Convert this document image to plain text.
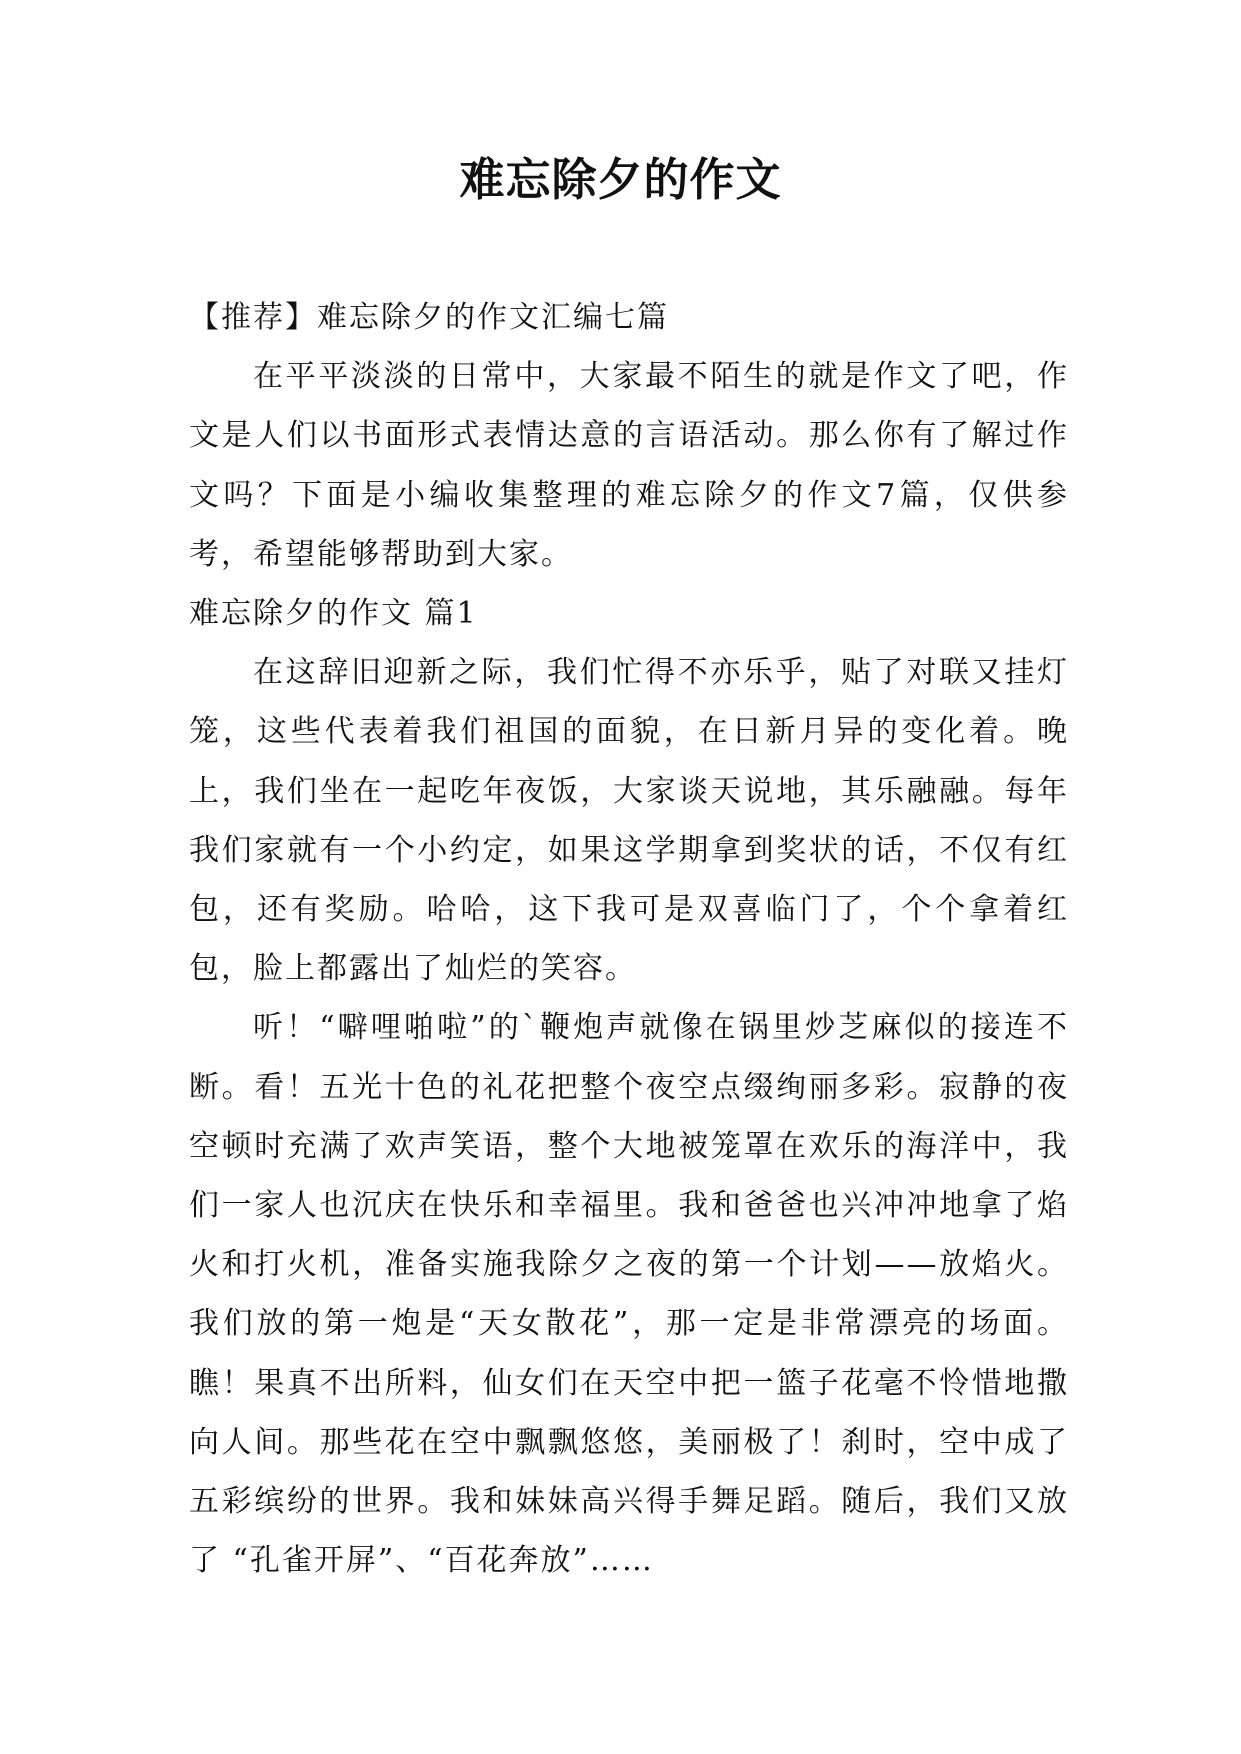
难忘除夕的作文

【推荐】难忘除夕的作文汇编七篇

在平平淡淡的日常中，大家最不陌生的就是作文了吧，作文是人们以书面形式表情达意的言语活动。那么你有了解过作文吗？下面是小编收集整理的难忘除夕的作文7篇，仅供参考，希望能够帮助到大家。

难忘除夕的作文 篇1

在这辞旧迎新之际，我们忙得不亦乐乎，贴了对联又挂灯笼，这些代表着我们祖国的面貌，在日新月异的变化着。晚上，我们坐在一起吃年夜饭，大家谈天说地，其乐融融。每年我们家就有一个小约定，如果这学期拿到奖状的话，不仅有红包，还有奖励。哈哈，这下我可是双喜临门了，个个拿着红包，脸上都露出了灿烂的笑容。

听！“噼哩啪啦”的`鞭炮声就像在锅里炒芝麻似的接连不断。看！五光十色的礼花把整个夜空点缀绚丽多彩。寂静的夜空顿时充满了欢声笑语，整个大地被笼罩在欢乐的海洋中，我们一家人也沉庆在快乐和幸福里。我和爸爸也兴冲冲地拿了焰火和打火机，准备实施我除夕之夜的第一个计划——放焰火。我们放的第一炮是“天女散花”，那一定是非常漂亮的场面。瞧！果真不出所料，仙女们在天空中把一篮子花毫不怜惜地撒向人间。那些花在空中飘飘悠悠，美丽极了！刹时，空中成了五彩缤纷的世界。我和妹妹高兴得手舞足蹈。随后，我们又放了 “孔雀开屏”、“百花奔放”……
